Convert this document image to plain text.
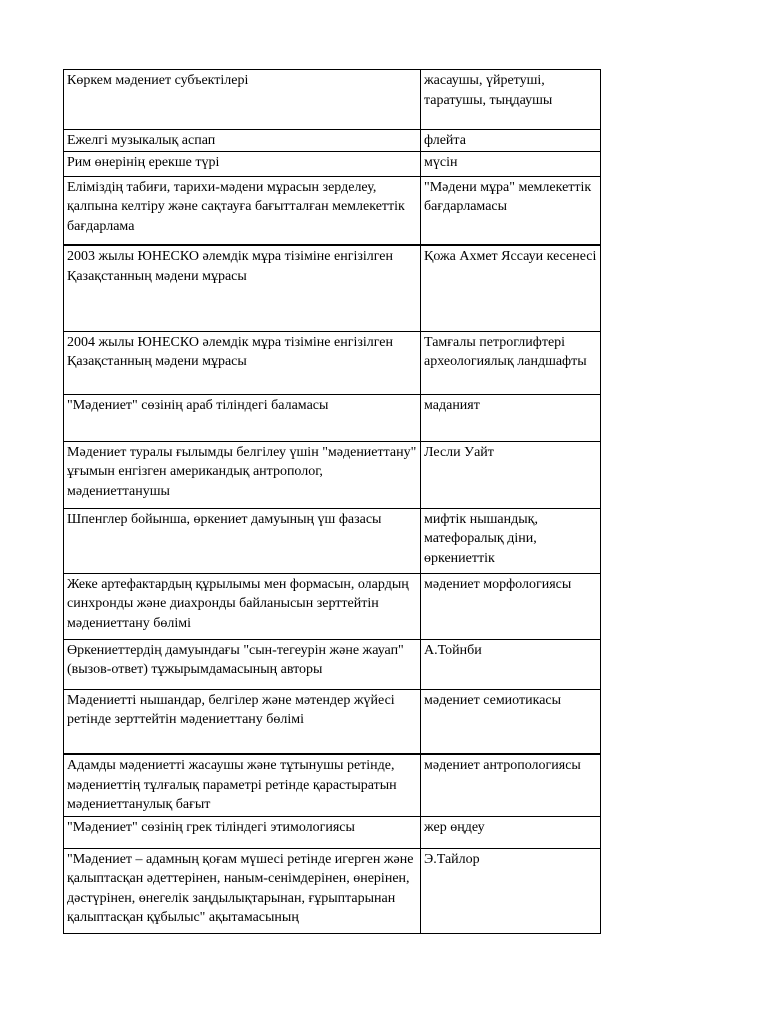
Көркем мәдениет субъектілері	жасаушы, үйретуші, таратушы, тыңдаушы
Ежелгі музыкалық аспап	флейта
Рим өнерінің ерекше түрі	мүсін
Еліміздің табиғи, тарихи-мәдени мұрасын зерделеу, қалпына келтіру және сақтауға бағытталған мемлекеттік бағдарлама	"Мәдени мұра" мемлекеттік бағдарламасы
2003 жылы ЮНЕСКО әлемдік мұра тізіміне енгізілген Қазақстанның мәдени мұрасы	Қожа Ахмет Яссауи кесенесі
2004 жылы ЮНЕСКО әлемдік мұра тізіміне енгізілген Қазақстанның мәдени мұрасы	Тамғалы петроглифтері археологиялық ландшафты
"Мәдениет" сөзінің араб тіліндегі баламасы	маданият
Мәдениет туралы ғылымды белгілеу үшін "мәдениеттану" ұғымын енгізген американдық антрополог, мәдениеттанушы	Лесли Уайт
Шпенглер бойынша, өркениет дамуының үш фазасы	мифтік нышандық, матефоралық діни, өркениеттік
Жеке артефактардың құрылымы мен формасын, олардың синхронды және диахронды байланысын зерттейтін мәдениеттану бөлімі	мәдениет морфологиясы
Өркениеттердің дамуындағы "сын-тегеурін және жауап" (вызов-ответ) тұжырымдамасының авторы	А.Тойнби
Мәдениетті нышандар, белгілер және мәтендер жүйесі ретінде зерттейтін мәдениеттану бөлімі	мәдениет семиотикасы
Адамды мәдениетті жасаушы және тұтынушы ретінде, мәдениеттің тұлғалық параметрі ретінде қарастыратын мәдениеттанулық бағыт	мәдениет антропологиясы
"Мәдениет" сөзінің грек тіліндегі этимологиясы	жер өңдеу
"Мәдениет – адамның қоғам мүшесі ретінде игерген және қалыптасқан әдеттерінен, наным-сенімдерінен, өнерінен, дәстүрінен, өнегелік заңдылықтарынан, ғұрыптарынан қалыптасқан құбылыс" ақытамасының	Э.Тайлор
